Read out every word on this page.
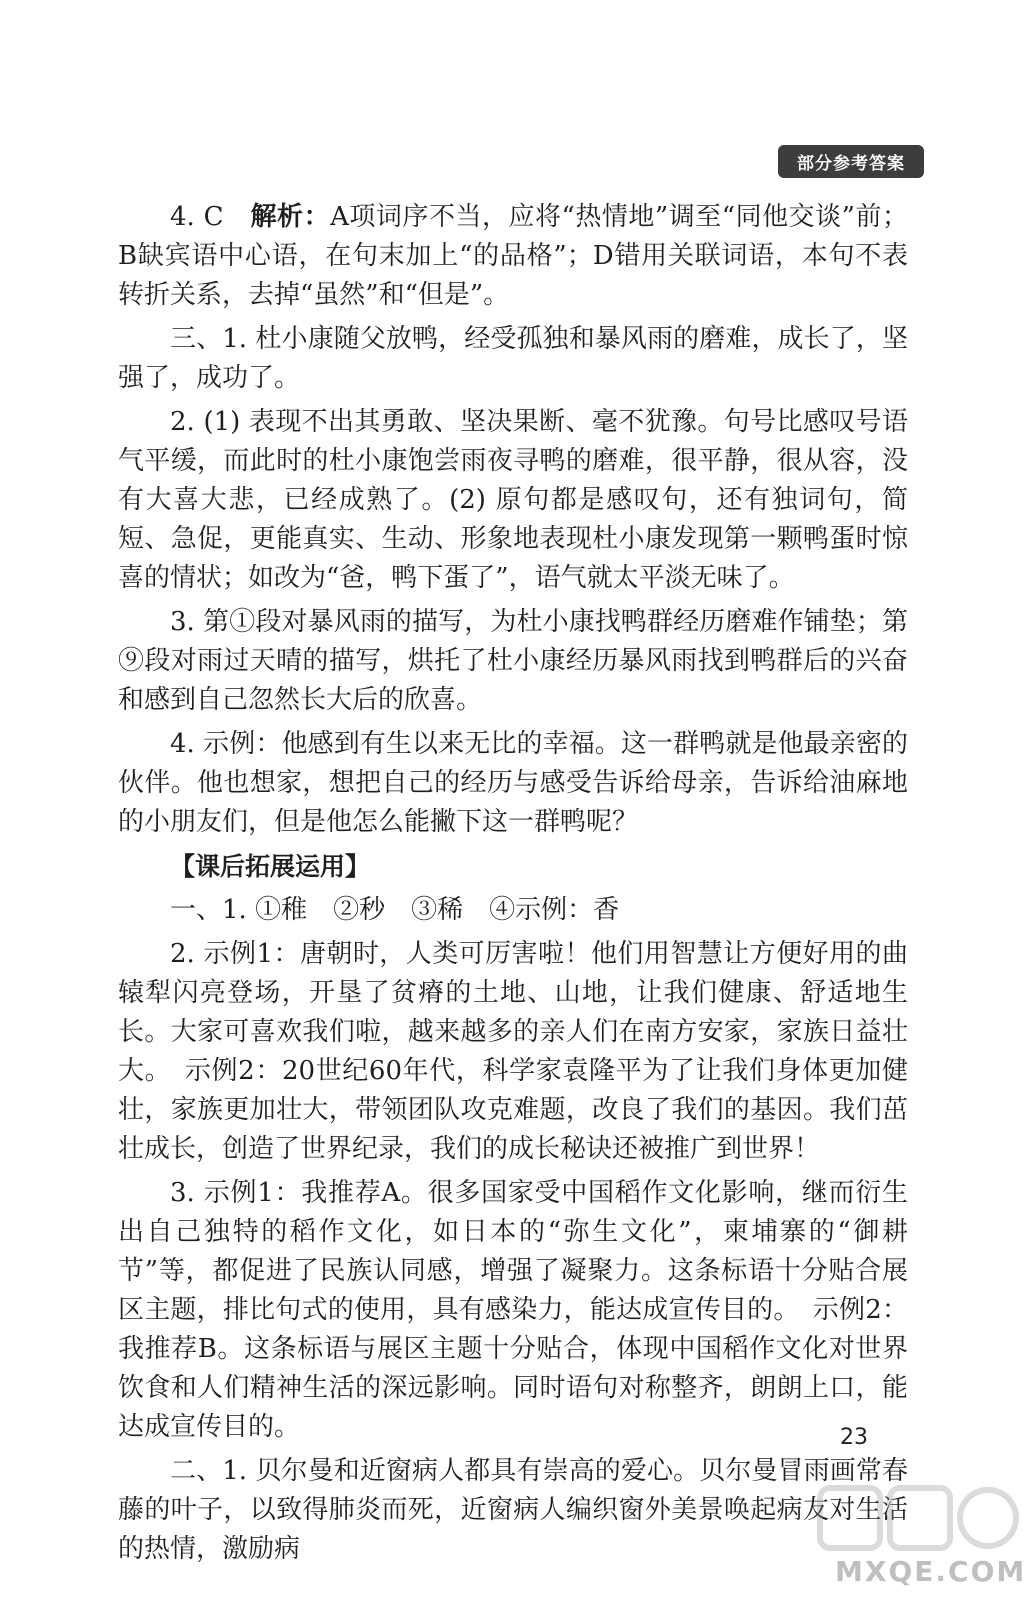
部分参考答案

4. C　 解析：A项词序不当，应将“热情地”调至“同他交谈”前；B缺宾语中心语，在句末加上“的品格”；D错用关联词语，本句不表转折关系，去掉“虽然”和“但是”。

三、1. 杜小康随父放鸭，经受孤独和暴风雨的磨难，成长了，坚强了，成功了。

2. (1) 表现不出其勇敢、坚决果断、毫不犹豫。句号比感叹号语气平缓，而此时的杜小康饱尝雨夜寻鸭的磨难，很平静，很从容，没有大喜大悲，已经成熟了。(2) 原句都是感叹句，还有独词句，简短、急促，更能真实、生动、形象地表现杜小康发现第一颗鸭蛋时惊喜的情状；如改为“爸，鸭下蛋了”，语气就太平淡无味了。

3. 第①段对暴风雨的描写，为杜小康找鸭群经历磨难作铺垫；第⑨段对雨过天晴的描写，烘托了杜小康经历暴风雨找到鸭群后的兴奋和感到自己忽然长大后的欣喜。

4. 示例：他感到有生以来无比的幸福。这一群鸭就是他最亲密的伙伴。他也想家，想把自己的经历与感受告诉给母亲，告诉给油麻地的小朋友们，但是他怎么能撇下这一群鸭呢？

【课后拓展运用】

一、1. ①稚　②秒　③稀　④示例：香

2. 示例1：唐朝时，人类可厉害啦！他们用智慧让方便好用的曲辕犁闪亮登场，开垦了贫瘠的土地、山地，让我们健康、舒适地生长。大家可喜欢我们啦，越来越多的亲人们在南方安家，家族日益壮大。　示例2：20世纪60年代，科学家袁隆平为了让我们身体更加健壮，家族更加壮大，带领团队攻克难题，改良了我们的基因。我们茁壮成长，创造了世界纪录，我们的成长秘诀还被推广到世界！

3. 示例1：我推荐A。很多国家受中国稻作文化影响，继而衍生出自己独特的稻作文化，如日本的“弥生文化”，柬埔寨的“御耕节”等，都促进了民族认同感，增强了凝聚力。这条标语十分贴合展区主题，排比句式的使用，具有感染力，能达成宣传目的。　示例2：我推荐B。这条标语与展区主题十分贴合，体现中国稻作文化对世界饮食和人们精神生活的深远影响。同时语句对称整齐，朗朗上口，能达成宣传目的。

二、1. 贝尔曼和近窗病人都具有崇高的爱心。贝尔曼冒雨画常春藤的叶子，以致得肺炎而死，近窗病人编织窗外美景唤起病友对生活的热情，激励病

23
MXQE.COM
